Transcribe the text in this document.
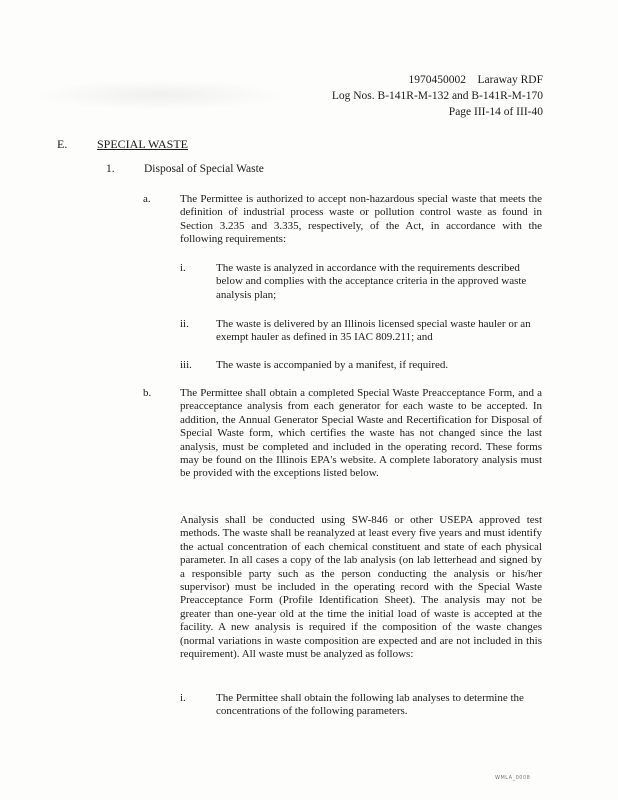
1970450002    Laraway RDF
Log Nos. B-141R-M-132 and B-141R-M-170
Page III-14 of III-40
E. SPECIAL WASTE
1.	Disposal of Special Waste
a.	The Permittee is authorized to accept non-hazardous special waste that meets the definition of industrial process waste or pollution control waste as found in Section 3.235 and 3.335, respectively, of the Act, in accordance with the following requirements:
i.	The waste is analyzed in accordance with the requirements described below and complies with the acceptance criteria in the approved waste analysis plan;
ii. The waste is delivered by an Illinois licensed special waste hauler or an exempt hauler as defined in 35 IAC 809.211; and
iii. The waste is accompanied by a manifest, if required.
b.	The Permittee shall obtain a completed Special Waste Preacceptance Form, and a preacceptance analysis from each generator for each waste to be accepted. In addition, the Annual Generator Special Waste and Recertification for Disposal of Special Waste form, which certifies the waste has not changed since the last analysis, must be completed and included in the operating record. These forms may be found on the Illinois EPA's website. A complete laboratory analysis must be provided with the exceptions listed below.
Analysis shall be conducted using SW-846 or other USEPA approved test methods. The waste shall be reanalyzed at least every five years and must identify the actual concentration of each chemical constituent and state of each physical parameter. In all cases a copy of the lab analysis (on lab letterhead and signed by a responsible party such as the person conducting the analysis or his/her supervisor) must be included in the operating record with the Special Waste Preacceptance Form (Profile Identification Sheet). The analysis may not be greater than one-year old at the time the initial load of waste is accepted at the facility. A new analysis is required if the composition of the waste changes (normal variations in waste composition are expected and are not included in this requirement). All waste must be analyzed as follows:
i.	The Permittee shall obtain the following lab analyses to determine the concentrations of the following parameters.
WMLA_0008
